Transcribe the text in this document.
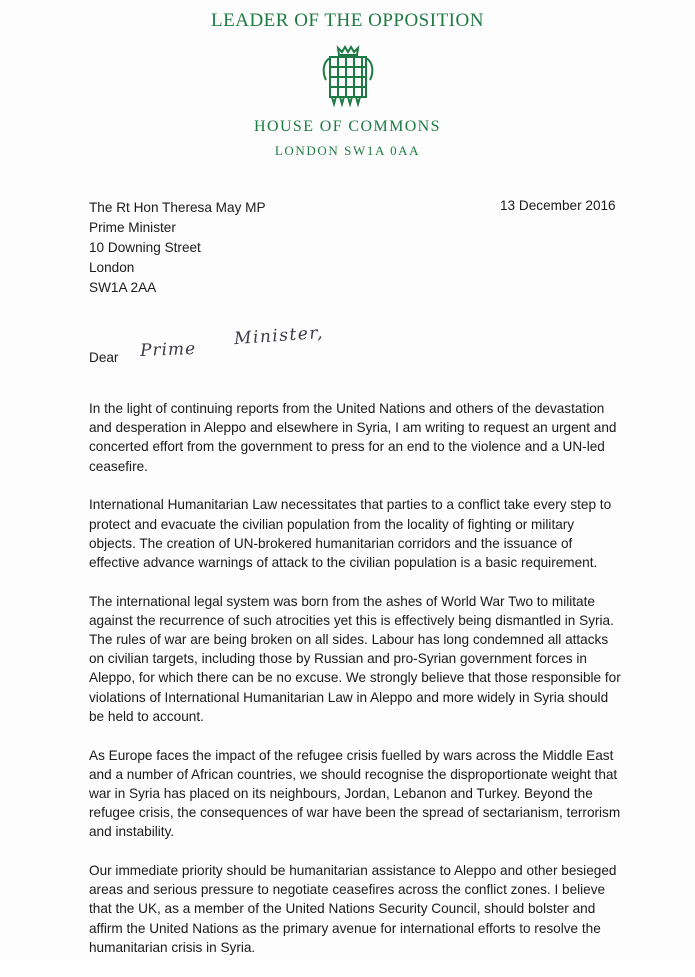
LEADER OF THE OPPOSITION
HOUSE OF COMMONS
LONDON SW1A 0AA
The Rt Hon Theresa May MP
Prime Minister
10 Downing Street
London
SW1A 2AA
13 December 2016
Dear Prime
Minister,

In the light of continuing reports from the United Nations and others of the devastation and desperation in Aleppo and elsewhere in Syria, I am writing to request an urgent and concerted effort from the government to press for an end to the violence and a UN-led ceasefire.

International Humanitarian Law necessitates that parties to a conflict take every step to protect and evacuate the civilian population from the locality of fighting or military objects. The creation of UN-brokered humanitarian corridors and the issuance of effective advance warnings of attack to the civilian population is a basic requirement.

The international legal system was born from the ashes of World War Two to militate against the recurrence of such atrocities yet this is effectively being dismantled in Syria. The rules of war are being broken on all sides. Labour has long condemned all attacks on civilian targets, including those by Russian and pro-Syrian government forces in Aleppo, for which there can be no excuse. We strongly believe that those responsible for violations of International Humanitarian Law in Aleppo and more widely in Syria should be held to account.

As Europe faces the impact of the refugee crisis fuelled by wars across the Middle East and a number of African countries, we should recognise the disproportionate weight that war in Syria has placed on its neighbours, Jordan, Lebanon and Turkey. Beyond the refugee crisis, the consequences of war have been the spread of sectarianism, terrorism and instability.

Our immediate priority should be humanitarian assistance to Aleppo and other besieged areas and serious pressure to negotiate ceasefires across the conflict zones. I believe that the UK, as a member of the United Nations Security Council, should bolster and affirm the United Nations as the primary avenue for international efforts to resolve the humanitarian crisis in Syria.
